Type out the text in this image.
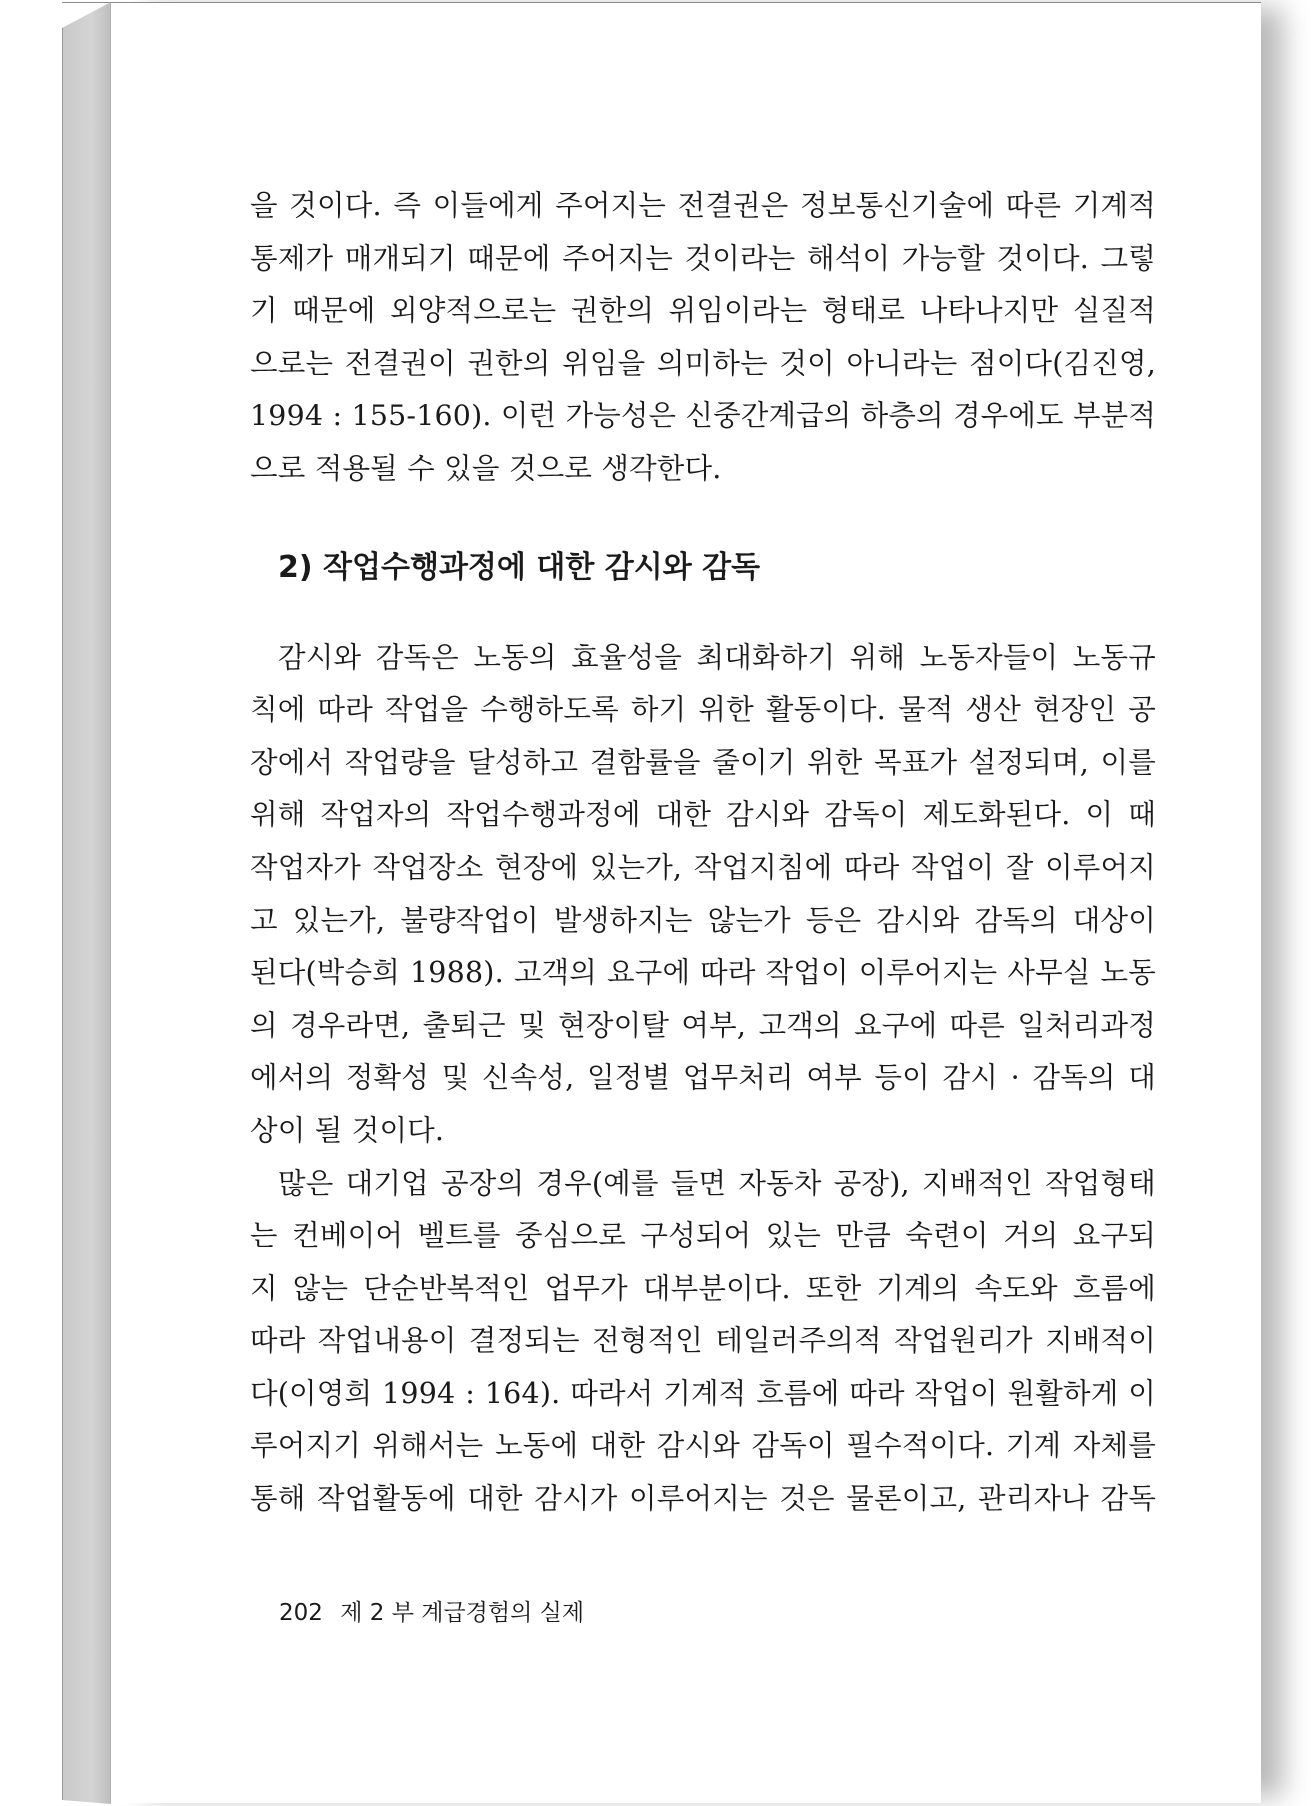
을 것이다. 즉 이들에게 주어지는 전결권은 정보통신기술에 따른 기계적
통제가 매개되기 때문에 주어지는 것이라는 해석이 가능할 것이다. 그렇
기 때문에 외양적으로는 권한의 위임이라는 형태로 나타나지만 실질적
으로는 전결권이 권한의 위임을 의미하는 것이 아니라는 점이다(김진영,
1994 : 155-160). 이런 가능성은 신중간계급의 하층의 경우에도 부분적
으로 적용될 수 있을 것으로 생각한다.

2) 작업수행과정에 대한 감시와 감독

감시와 감독은 노동의 효율성을 최대화하기 위해 노동자들이 노동규
칙에 따라 작업을 수행하도록 하기 위한 활동이다. 물적 생산 현장인 공
장에서 작업량을 달성하고 결함률을 줄이기 위한 목표가 설정되며, 이를
위해 작업자의 작업수행과정에 대한 감시와 감독이 제도화된다. 이 때
작업자가 작업장소 현장에 있는가, 작업지침에 따라 작업이 잘 이루어지
고 있는가, 불량작업이 발생하지는 않는가 등은 감시와 감독의 대상이
된다(박승희 1988). 고객의 요구에 따라 작업이 이루어지는 사무실 노동
의 경우라면, 출퇴근 및 현장이탈 여부, 고객의 요구에 따른 일처리과정
에서의 정확성 및 신속성, 일정별 업무처리 여부 등이 감시 · 감독의 대
상이 될 것이다.

많은 대기업 공장의 경우(예를 들면 자동차 공장), 지배적인 작업형태
는 컨베이어 벨트를 중심으로 구성되어 있는 만큼 숙련이 거의 요구되
지 않는 단순반복적인 업무가 대부분이다. 또한 기계의 속도와 흐름에
따라 작업내용이 결정되는 전형적인 테일러주의적 작업원리가 지배적이
다(이영희 1994 : 164). 따라서 기계적 흐름에 따라 작업이 원활하게 이
루어지기 위해서는 노동에 대한 감시와 감독이 필수적이다. 기계 자체를
통해 작업활동에 대한 감시가 이루어지는 것은 물론이고, 관리자나 감독

202 제 2 부 계급경험의 실제
